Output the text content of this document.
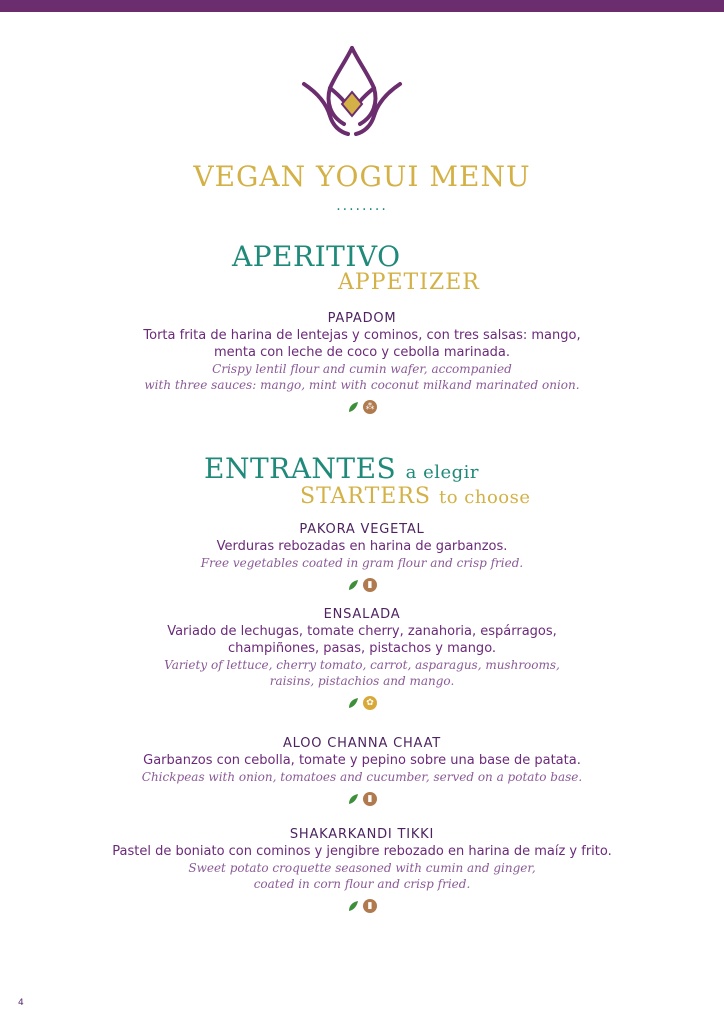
VEGAN YOGUI MENU
........
APERITIVO
APPETIZER
PAPADOM
Torta frita de harina de lentejas y cominos, con tres salsas: mango,
menta con leche de coco y cebolla marinada.
Crispy lentil flour and cumin wafer, accompanied
with three sauces: mango, mint with coconut milkand marinated onion.
⁂
ENTRANTES a elegir
STARTERS to choose
PAKORA VEGETAL
Verduras rebozadas en harina de garbanzos.
Free vegetables coated in gram flour and crisp fried.
▮
ENSALADA
Variado de lechugas, tomate cherry, zanahoria, espárragos,
champiñones, pasas, pistachos y mango.
Variety of lettuce, cherry tomato, carrot, asparagus, mushrooms,
raisins, pistachios and mango.
✿
ALOO CHANNA CHAAT
Garbanzos con cebolla, tomate y pepino sobre una base de patata.
Chickpeas with onion, tomatoes and cucumber, served on a potato base.
▮
SHAKARKANDI TIKKI
Pastel de boniato con cominos y jengibre rebozado en harina de maíz y frito.
Sweet potato croquette seasoned with cumin and ginger,
coated in corn flour and crisp fried.
▮
4
